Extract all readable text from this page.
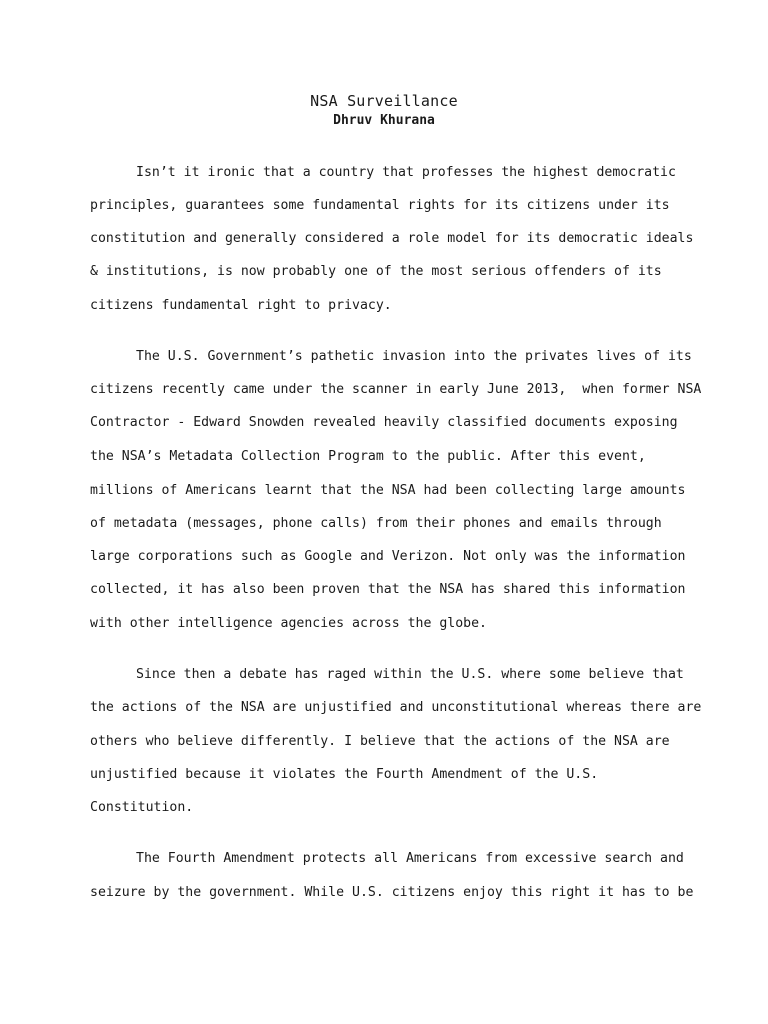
NSA Surveillance
Dhruv Khurana
Isn’t it ironic that a country that professes the highest democratic
principles, guarantees some fundamental rights for its citizens under its
constitution and generally considered a role model for its democratic ideals
& institutions, is now probably one of the most serious offenders of its
citizens fundamental right to privacy.
The U.S. Government’s pathetic invasion into the privates lives of its
citizens recently came under the scanner in early June 2013,  when former NSA
Contractor - Edward Snowden revealed heavily classified documents exposing
the NSA’s Metadata Collection Program to the public. After this event,
millions of Americans learnt that the NSA had been collecting large amounts
of metadata (messages, phone calls) from their phones and emails through
large corporations such as Google and Verizon. Not only was the information
collected, it has also been proven that the NSA has shared this information
with other intelligence agencies across the globe.
Since then a debate has raged within the U.S. where some believe that
the actions of the NSA are unjustified and unconstitutional whereas there are
others who believe differently. I believe that the actions of the NSA are
unjustified because it violates the Fourth Amendment of the U.S.
Constitution.
The Fourth Amendment protects all Americans from excessive search and
seizure by the government. While U.S. citizens enjoy this right it has to be
